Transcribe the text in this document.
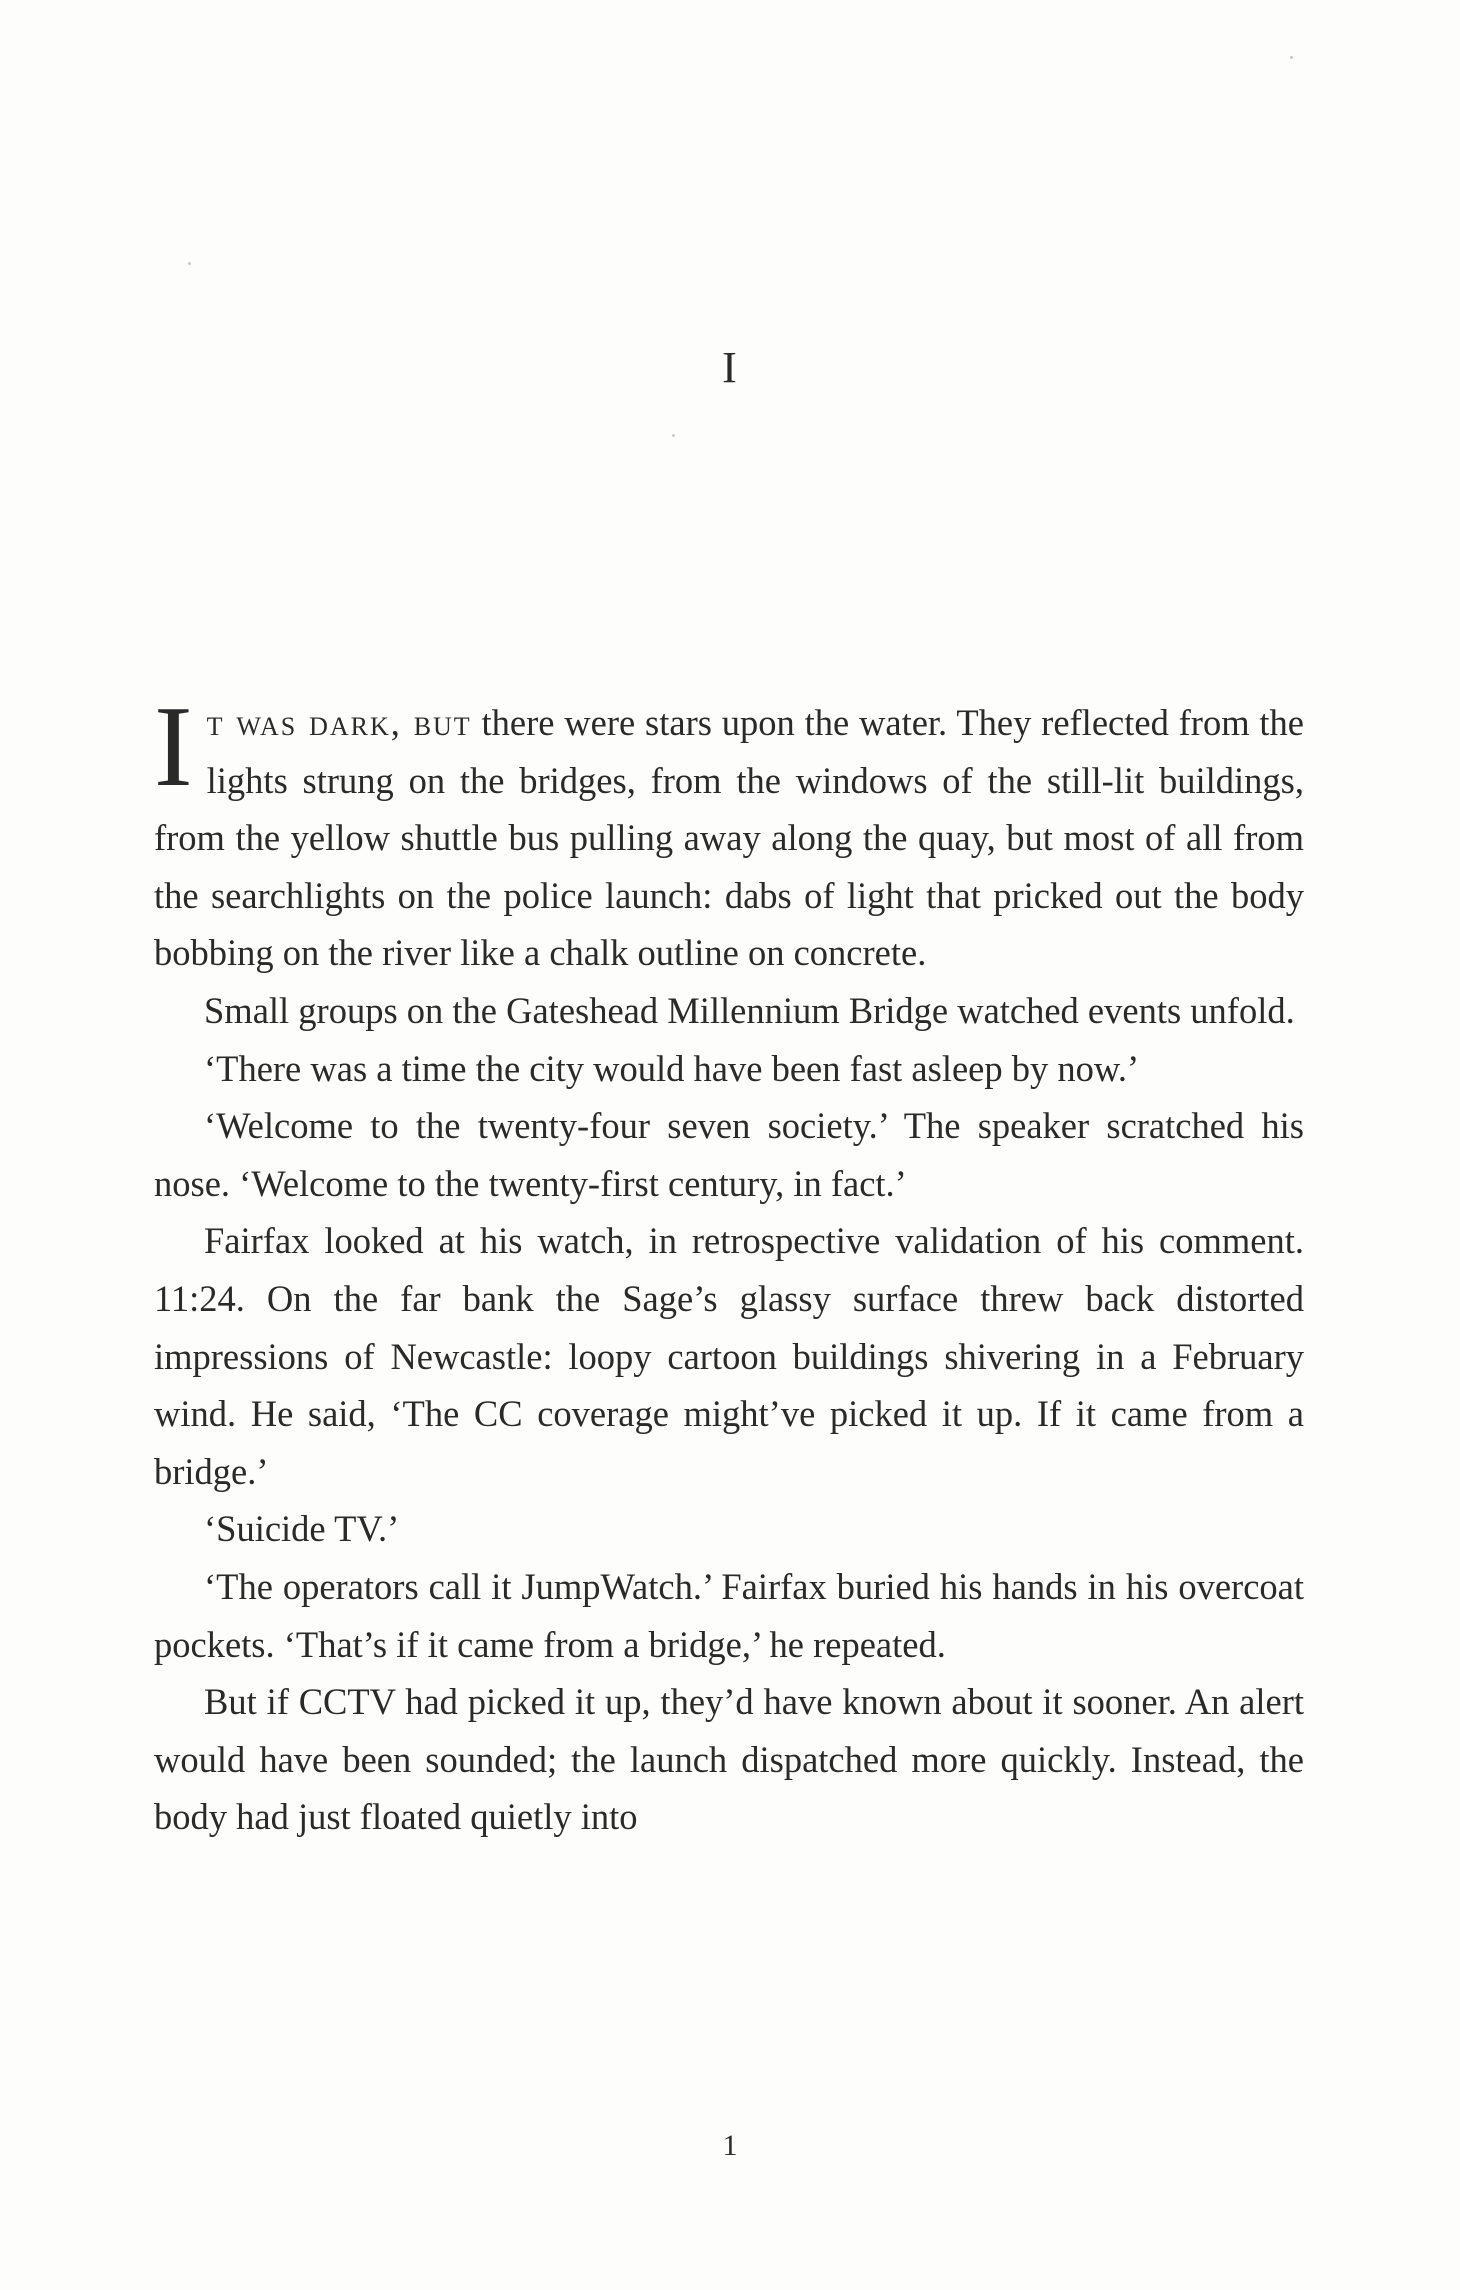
I

It was dark, but there were stars upon the water. They reflected from the lights strung on the bridges, from the windows of the still-lit buildings, from the yellow shuttle bus pulling away along the quay, but most of all from the searchlights on the police launch: dabs of light that pricked out the body bobbing on the river like a chalk outline on concrete.

Small groups on the Gateshead Millennium Bridge watched events unfold.

‘There was a time the city would have been fast asleep by now.’

‘Welcome to the twenty-four seven society.’ The speaker scratched his nose. ‘Welcome to the twenty-first century, in fact.’

Fairfax looked at his watch, in retrospective validation of his comment. 11:24. On the far bank the Sage’s glassy surface threw back distorted impressions of Newcastle: loopy cartoon buildings shivering in a February wind. He said, ‘The CC coverage might’ve picked it up. If it came from a bridge.’

‘Suicide TV.’

‘The operators call it JumpWatch.’ Fairfax buried his hands in his overcoat pockets. ‘That’s if it came from a bridge,’ he repeated.

But if CCTV had picked it up, they’d have known about it sooner. An alert would have been sounded; the launch dispatched more quickly. Instead, the body had just floated quietly into

1
